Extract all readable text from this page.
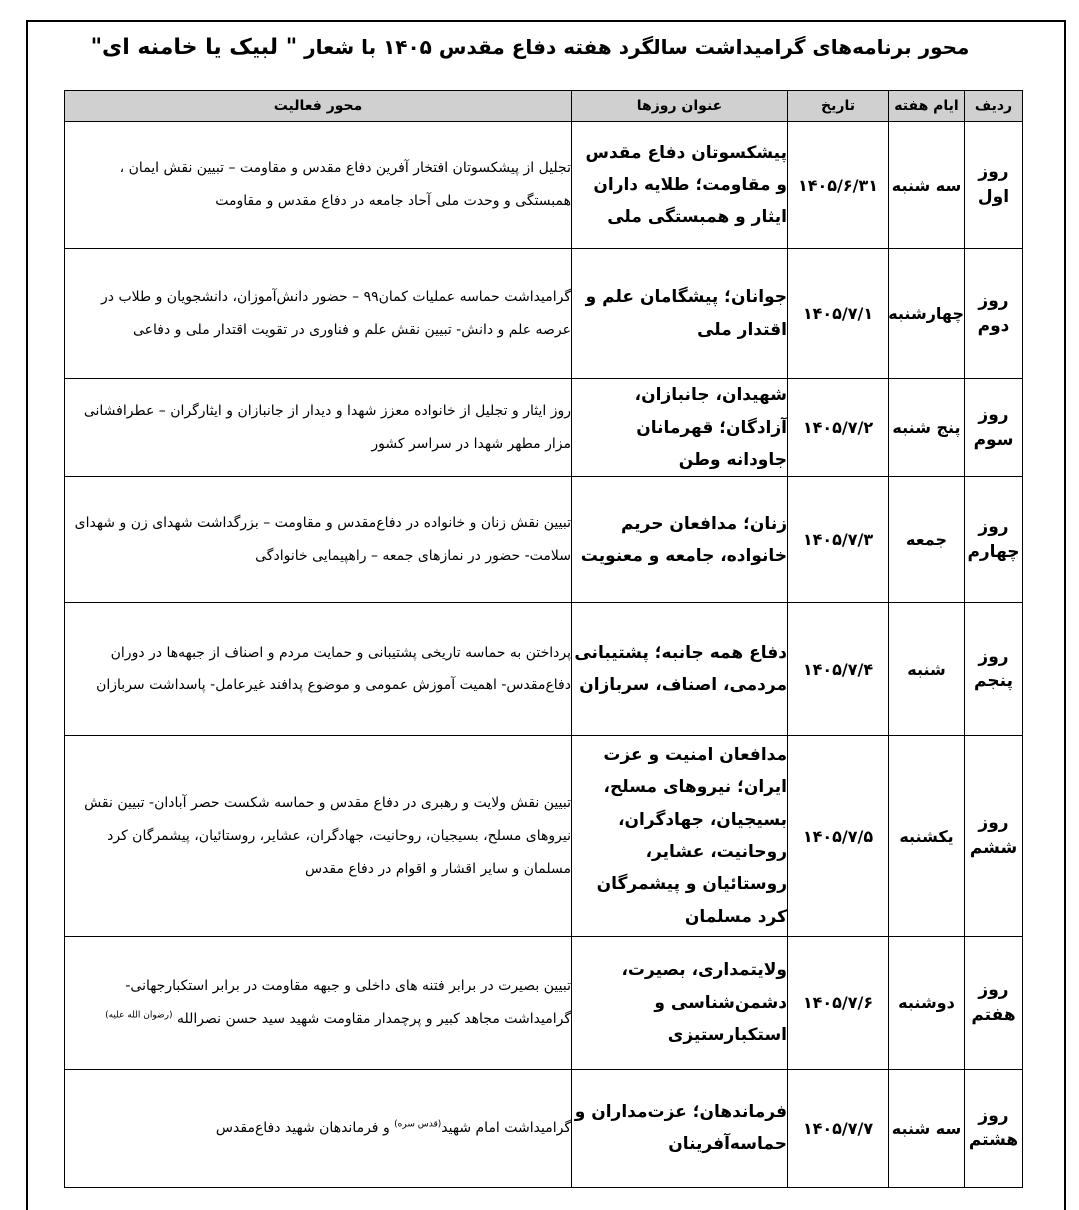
محور برنامه‌های گرامیداشت سالگرد هفته دفاع مقدس ۱۴۰۵ با شعار " لبیک یا خامنه ای"
ردیف	ایام هفته	تاریخ	عنوان روزها	محور فعالیت
روز اول	سه شنبه	۱۴۰۵/۶/۳۱	پیشکسوتان دفاع مقدس و مقاومت؛ طلایه داران ایثار و همبستگی ملی	تجلیل از پیشکسوتان افتخار آفرین دفاع مقدس و مقاومت – تبیین نقش ایمان ، همبستگی و وحدت ملی آحاد جامعه در دفاع مقدس و مقاومت
روز دوم	چهارشنبه	۱۴۰۵/۷/۱	جوانان؛ پیشگامان علم و اقتدار ملی	گرامیداشت حماسه عملیات کمان۹۹ – حضور دانش‌آموزان، دانشجویان و طلاب در عرصه علم و دانش- تبیین نقش علم و فناوری در تقویت اقتدار ملی و دفاعی
روز سوم	پنج شنبه	۱۴۰۵/۷/۲	شهیدان، جانبازان، آزادگان؛ قهرمانان جاودانه وطن	روز ایثار و تجلیل از خانواده معزز شهدا و دیدار از جانبازان و ایثارگران – عطرافشانی مزار مطهر شهدا در سراسر کشور
روز چهارم	جمعه	۱۴۰۵/۷/۳	زنان؛ مدافعان حریم خانواده، جامعه و معنویت	تبیین نقش زنان و خانواده در دفاع‌مقدس و مقاومت – بزرگداشت شهدای زن و شهدای سلامت- حضور در نمازهای جمعه – راهپیمایی خانوادگی
روز پنجم	شنبه	۱۴۰۵/۷/۴	دفاع همه جانبه؛ پشتیبانی مردمی، اصناف، سربازان	پرداختن به حماسه تاریخی پشتیبانی و حمایت مردم و اصناف از جبهه‌ها در دوران دفاع‌مقدس- اهمیت آموزش عمومی و موضوع پدافند غیرعامل- پاسداشت سربازان
روز ششم	یکشنبه	۱۴۰۵/۷/۵	مدافعان امنیت و عزت ایران؛ نیروهای مسلح، بسیجیان، جهادگران، روحانیت، عشایر، روستائیان و پیشمرگان کرد مسلمان	تبیین نقش ولایت و رهبری در دفاع مقدس و حماسه شکست حصر آبادان- تبیین نقش نیروهای مسلح، بسیجیان، روحانیت، جهادگران، عشایر، روستائیان، پیشمرگان کرد مسلمان و سایر اقشار و اقوام در دفاع مقدس
روز هفتم	دوشنبه	۱۴۰۵/۷/۶	ولایتمداری، بصیرت، دشمن‌شناسی و استکبارستیزی	تبیین بصیرت در برابر فتنه های داخلی و جبهه مقاومت در برابر استکبارجهانی- گرامیداشت مجاهد کبیر و پرچمدار مقاومت شهید سید حسن نصرالله $^{(رضوان الله علیه)}$
روز هشتم	سه شنبه	۱۴۰۵/۷/۷	فرماندهان؛ عزت‌مداران و حماسه‌آفرینان	گرامیداشت امام شهید$^{(قدس سره)}$ و فرماندهان شهید دفاع‌مقدس
